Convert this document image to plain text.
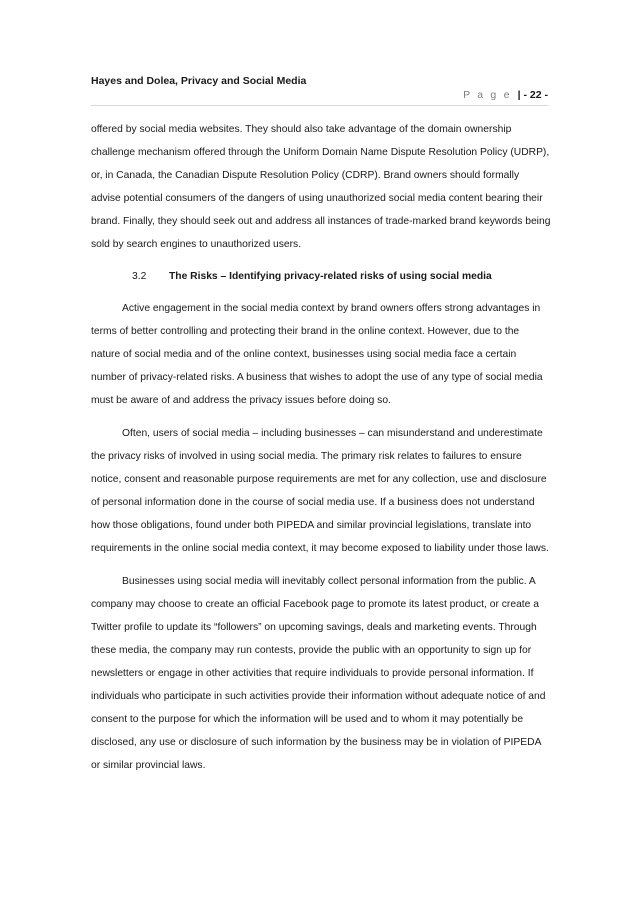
Hayes and Dolea, Privacy and Social Media
P a g e | - 22 -

offered by social media websites. They should also take advantage of the domain ownership challenge mechanism offered through the Uniform Domain Name Dispute Resolution Policy (UDRP), or, in Canada, the Canadian Dispute Resolution Policy (CDRP). Brand owners should formally advise potential consumers of the dangers of using unauthorized social media content bearing their brand. Finally, they should seek out and address all instances of trade-marked brand keywords being sold by search engines to unauthorized users.

3.2 The Risks – Identifying privacy-related risks of using social media

Active engagement in the social media context by brand owners offers strong advantages in terms of better controlling and protecting their brand in the online context. However, due to the nature of social media and of the online context, businesses using social media face a certain number of privacy-related risks. A business that wishes to adopt the use of any type of social media must be aware of and address the privacy issues before doing so.

Often, users of social media – including businesses – can misunderstand and underestimate the privacy risks of involved in using social media. The primary risk relates to failures to ensure notice, consent and reasonable purpose requirements are met for any collection, use and disclosure of personal information done in the course of social media use. If a business does not understand how those obligations, found under both PIPEDA and similar provincial legislations, translate into requirements in the online social media context, it may become exposed to liability under those laws.

Businesses using social media will inevitably collect personal information from the public. A company may choose to create an official Facebook page to promote its latest product, or create a Twitter profile to update its “followers” on upcoming savings, deals and marketing events. Through these media, the company may run contests, provide the public with an opportunity to sign up for newsletters or engage in other activities that require individuals to provide personal information. If individuals who participate in such activities provide their information without adequate notice of and consent to the purpose for which the information will be used and to whom it may potentially be disclosed, any use or disclosure of such information by the business may be in violation of PIPEDA or similar provincial laws.
